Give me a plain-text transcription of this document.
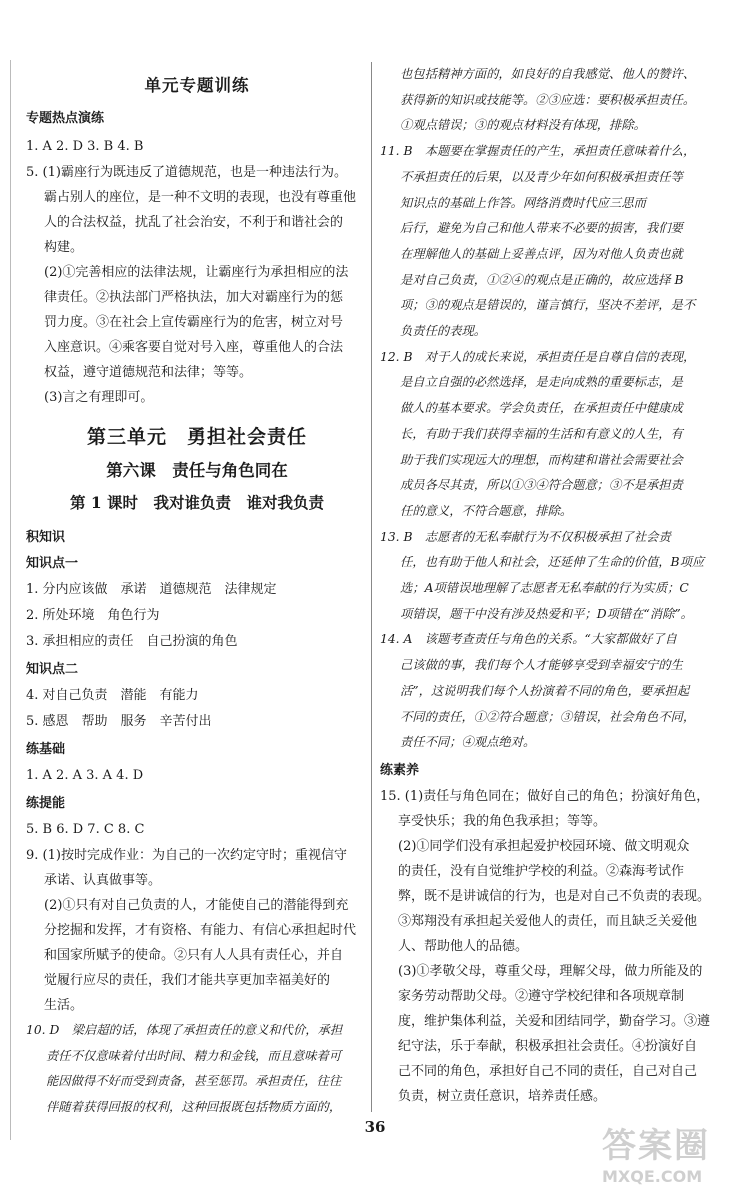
单元专题训练
专题热点演练

1. A 2. D 3. B 4. B

5. (1)霸座行为既违反了道德规范，也是一种违法行为。

霸占别人的座位，是一种不文明的表现，也没有尊重他

人的合法权益，扰乱了社会治安，不利于和谐社会的

构建。

(2)①完善相应的法律法规，让霸座行为承担相应的法

律责任。②执法部门严格执法，加大对霸座行为的惩

罚力度。③在社会上宣传霸座行为的危害，树立对号

入座意识。④乘客要自觉对号入座，尊重他人的合法

权益，遵守道德规范和法律；等等。

(3)言之有理即可。

第三单元　勇担社会责任
第六课　责任与角色同在
第 1 课时　我对谁负责　谁对我负责
积知识
知识点一

1. 分内应该做　承诺　道德规范　法律规定

2. 所处环境　角色行为

3. 承担相应的责任　自己扮演的角色

知识点二

4. 对自己负责　潜能　有能力

5. 感恩　帮助　服务　辛苦付出

练基础

1. A 2. A 3. A 4. D

练提能

5. B 6. D 7. C 8. C

9. (1)按时完成作业：为自己的一次约定守时；重视信守

承诺、认真做事等。

(2)①只有对自己负责的人，才能使自己的潜能得到充

分挖掘和发挥，才有资格、有能力、有信心承担起时代

和国家所赋予的使命。②只有人人具有责任心，并自

觉履行应尽的责任，我们才能共享更加幸福美好的

生活。

10. D　梁启超的话，体现了承担责任的意义和代价，承担

责任不仅意味着付出时间、精力和金钱，而且意味着可

能因做得不好而受到责备，甚至惩罚。承担责任，往往

伴随着获得回报的权利，这种回报既包括物质方面的，

也包括精神方面的，如良好的自我感觉、他人的赞许、

获得新的知识或技能等。②③应选：要积极承担责任。

①观点错误；③的观点材料没有体现，排除。

11. B　本题要在掌握责任的产生，承担责任意味着什么，

不承担责任的后果，以及青少年如何积极承担责任等

知识点的基础上作答。网络消费时代应三思而

后行，避免为自己和他人带来不必要的损害，我们要

在理解他人的基础上妥善点评，因为对他人负责也就

是对自己负责，①②④的观点是正确的，故应选择 B

项；③的观点是错误的，谨言慎行，坚决不差评，是不

负责任的表现。

12. B　对于人的成长来说，承担责任是自尊自信的表现，

是自立自强的必然选择，是走向成熟的重要标志，是

做人的基本要求。学会负责任，在承担责任中健康成

长，有助于我们获得幸福的生活和有意义的人生，有

助于我们实现远大的理想，而构建和谐社会需要社会

成员各尽其责，所以①③④符合题意；③不是承担责

任的意义，不符合题意，排除。

13. B　志愿者的无私奉献行为不仅积极承担了社会责

任，也有助于他人和社会，还延伸了生命的价值，B项应

选；A项错误地理解了志愿者无私奉献的行为实质；C

项错误，题干中没有涉及热爱和平；D项错在“消除”。

14. A　该题考查责任与角色的关系。“大家都做好了自

己该做的事，我们每个人才能够享受到幸福安宁的生

活”，这说明我们每个人扮演着不同的角色，要承担起

不同的责任，①②符合题意；③错误，社会角色不同，

责任不同；④观点绝对。

练素养

15. (1)责任与角色同在；做好自己的角色；扮演好角色，

享受快乐；我的角色我承担；等等。

(2)①同学们没有承担起爱护校园环境、做文明观众

的责任，没有自觉维护学校的利益。②森海考试作

弊，既不是讲诚信的行为，也是对自己不负责的表现。

③郑翔没有承担起关爱他人的责任，而且缺乏关爱他

人、帮助他人的品德。

(3)①孝敬父母，尊重父母，理解父母，做力所能及的

家务劳动帮助父母。②遵守学校纪律和各项规章制

度，维护集体利益，关爱和团结同学，勤奋学习。③遵

纪守法，乐于奉献，积极承担社会责任。④扮演好自

己不同的角色，承担好自己不同的责任，自己对自己

负责，树立责任意识，培养责任感。

36	答案圈
MXQE.COM
